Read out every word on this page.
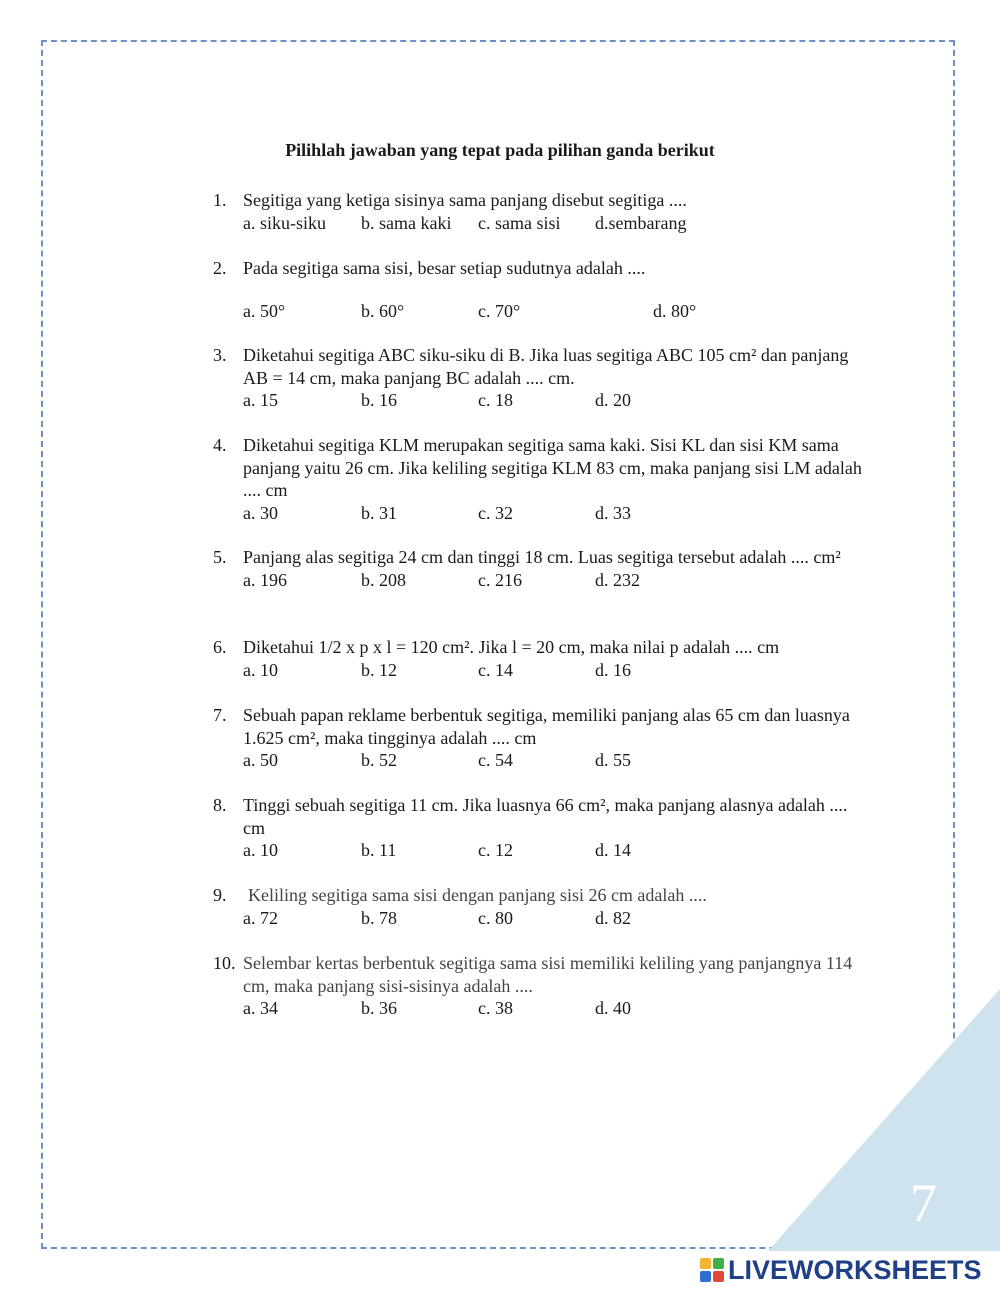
Pilihlah jawaban yang tepat pada pilihan ganda berikut
1. Segitiga yang ketiga sisinya sama panjang disebut segitiga ....
a. siku-siku b. sama kaki c. sama sisi d.sembarang
2. Pada segitiga sama sisi, besar setiap sudutnya adalah ....
a. 50°	b. 60°	c. 70°	d. 80°
3. Diketahui segitiga ABC siku-siku di B. Jika luas segitiga ABC 105 cm² dan panjang AB = 14 cm, maka panjang BC adalah .... cm.
a. 15	b. 16	c. 18	d. 20
4. Diketahui segitiga KLM merupakan segitiga sama kaki. Sisi KL dan sisi KM sama panjang yaitu 26 cm. Jika keliling segitiga KLM 83 cm, maka panjang sisi LM adalah .... cm
a. 30	b. 31	c. 32	d. 33
5. Panjang alas segitiga 24 cm dan tinggi 18 cm. Luas segitiga tersebut adalah .... cm²
a. 196	b. 208	c. 216	d. 232
6. Diketahui 1/2 x p x l = 120 cm². Jika l = 20 cm, maka nilai p adalah .... cm
a. 10	b. 12	c. 14	d. 16
7. Sebuah papan reklame berbentuk segitiga, memiliki panjang alas 65 cm dan luasnya 1.625 cm², maka tingginya adalah .... cm
a. 50	b. 52	c. 54	d. 55
8. Tinggi sebuah segitiga 11 cm. Jika luasnya 66 cm², maka panjang alasnya adalah .... cm
a. 10	b. 11	c. 12	d. 14
9. Keliling segitiga sama sisi dengan panjang sisi 26 cm adalah ....
a. 72	b. 78	c. 80	d. 82
10. Selembar kertas berbentuk segitiga sama sisi memiliki keliling yang panjangnya 114 cm, maka panjang sisi-sisinya adalah ....
a. 34	b. 36	c. 38	d. 40
7
LIVEWORKSHEETS
